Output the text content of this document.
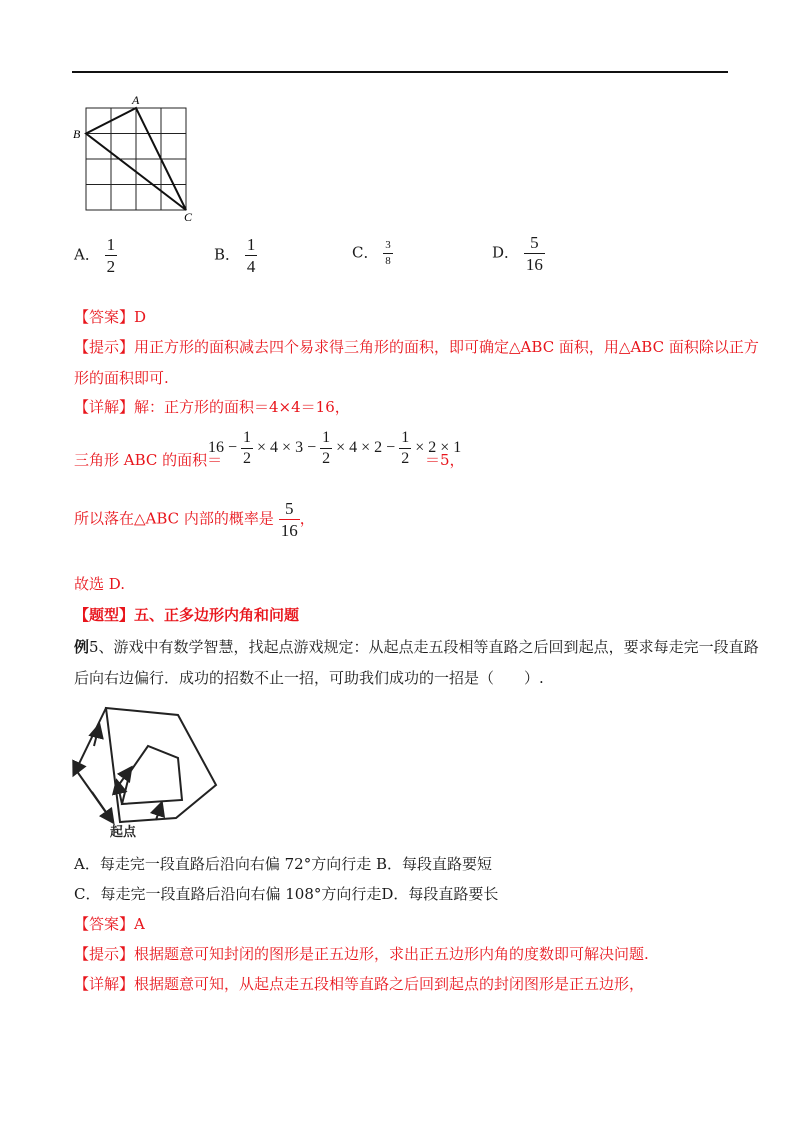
A
B
C
A． $\frac{1}{2}$	B． $\frac{1}{4}$	C． $\frac{3}{8}$	D． $\frac{5}{16}$
【答案】D
【提示】用正方形的面积减去四个易求得三角形的面积，即可确定△ABC 面积，用△ABC 面积除以正方
形的面积即可.
【详解】解：正方形的面积＝4×4＝16，
三角形 ABC 的面积＝
$16 - \frac{1}{2} \times 4 \times 3 - \frac{1}{2} \times 4 \times 2 - \frac{1}{2} \times 2 \times 1$
＝5，
所以落在△ABC 内部的概率是 $\frac{5}{16}$ ，
故选 D.
【题型】五、正多边形内角和问题
例5、游戏中有数学智慧，找起点游戏规定：从起点走五段相等直路之后回到起点，要求每走完一段直路
后向右边偏行．成功的招数不止一招，可助我们成功的一招是（　　）.
起点
A．每走完一段直路后沿向右偏 72°方向行走 B．每段直路要短
C．每走完一段直路后沿向右偏 108°方向行走D．每段直路要长
【答案】A
【提示】根据题意可知封闭的图形是正五边形，求出正五边形内角的度数即可解决问题.
【详解】根据题意可知，从起点走五段相等直路之后回到起点的封闭图形是正五边形，
